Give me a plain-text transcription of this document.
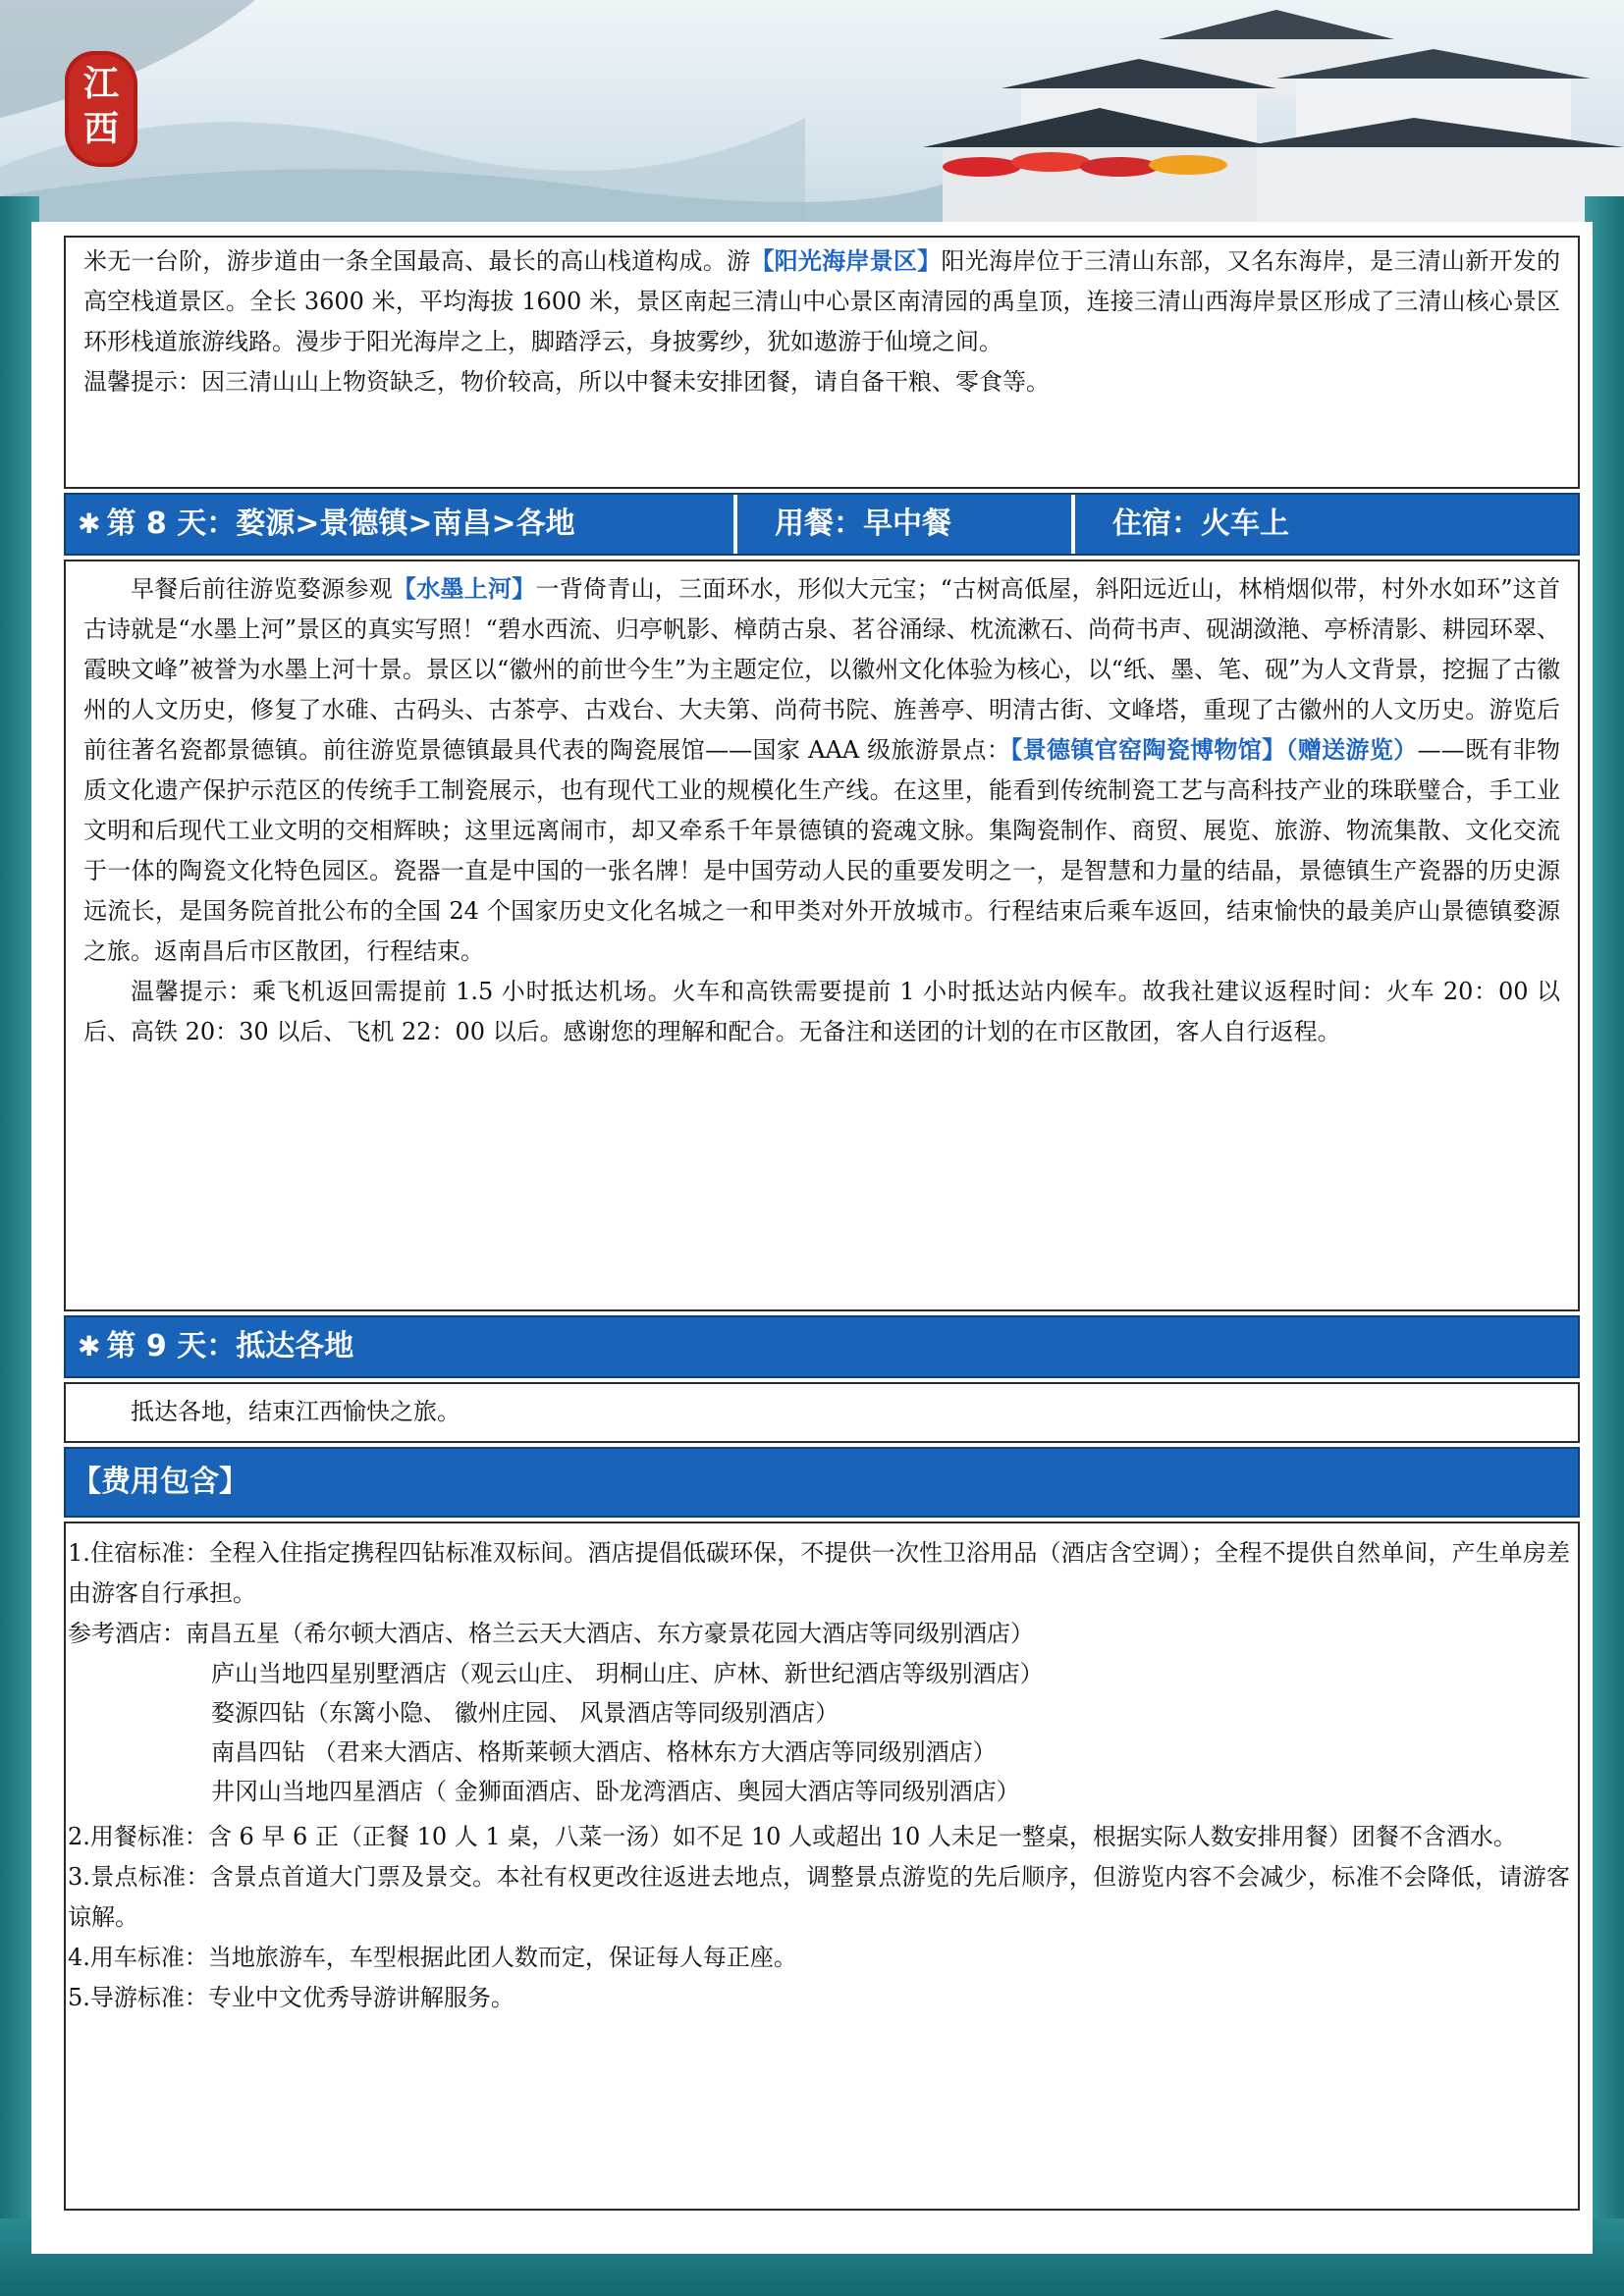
江
西

米无一台阶，游步道由一条全国最高、最长的高山栈道构成。游【阳光海岸景区】阳光海岸位于三清山东部，又名东海岸，是三清山新开发的高空栈道景区。全长 3600 米，平均海拔 1600 米，景区南起三清山中心景区南清园的禹皇顶，连接三清山西海岸景区形成了三清山核心景区环形栈道旅游线路。漫步于阳光海岸之上，脚踏浮云，身披雾纱，犹如遨游于仙境之间。

温馨提示：因三清山山上物资缺乏，物价较高，所以中餐未安排团餐，请自备干粮、零食等。

✱ 第 8 天：婺源>景德镇>南昌>各地	用餐：早中餐	住宿：火车上

早餐后前往游览婺源参观【水墨上河】一背倚青山，三面环水，形似大元宝；“古树高低屋，斜阳远近山，林梢烟似带，村外水如环”这首古诗就是“水墨上河”景区的真实写照！“碧水西流、归亭帆影、樟荫古泉、茗谷涌绿、枕流漱石、尚荷书声、砚湖潋滟、亭桥清影、耕园环翠、霞映文峰”被誉为水墨上河十景。景区以“徽州的前世今生”为主题定位，以徽州文化体验为核心，以“纸、墨、笔、砚”为人文背景，挖掘了古徽州的人文历史，修复了水碓、古码头、古茶亭、古戏台、大夫第、尚荷书院、旌善亭、明清古街、文峰塔，重现了古徽州的人文历史。游览后前往著名瓷都景德镇。前往游览景德镇最具代表的陶瓷展馆——国家 AAA 级旅游景点：【景德镇官窑陶瓷博物馆】（赠送游览）——既有非物质文化遗产保护示范区的传统手工制瓷展示，也有现代工业的规模化生产线。在这里，能看到传统制瓷工艺与高科技产业的珠联璧合，手工业文明和后现代工业文明的交相辉映；这里远离闹市，却又牵系千年景德镇的瓷魂文脉。集陶瓷制作、商贸、展览、旅游、物流集散、文化交流于一体的陶瓷文化特色园区。瓷器一直是中国的一张名牌！是中国劳动人民的重要发明之一，是智慧和力量的结晶，景德镇生产瓷器的历史源远流长，是国务院首批公布的全国 24 个国家历史文化名城之一和甲类对外开放城市。行程结束后乘车返回，结束愉快的最美庐山景德镇婺源之旅。返南昌后市区散团，行程结束。

温馨提示：乘飞机返回需提前 1.5 小时抵达机场。火车和高铁需要提前 1 小时抵达站内候车。故我社建议返程时间：火车 20：00 以后、高铁 20：30 以后、飞机 22：00 以后。感谢您的理解和配合。无备注和送团的计划的在市区散团，客人自行返程。

✱ 第 9 天：抵达各地

抵达各地，结束江西愉快之旅。

【费用包含】

1.住宿标准：全程入住指定携程四钻标准双标间。酒店提倡低碳环保，不提供一次性卫浴用品（酒店含空调）；全程不提供自然单间，产生单房差由游客自行承担。

参考酒店：南昌五星（希尔顿大酒店、格兰云天大酒店、东方豪景花园大酒店等同级别酒店）

庐山当地四星别墅酒店（观云山庄、 玥桐山庄、庐林、新世纪酒店等级别酒店）

婺源四钻（东篱小隐、 徽州庄园、 风景酒店等同级别酒店）

南昌四钻 （君来大酒店、格斯莱顿大酒店、格林东方大酒店等同级别酒店）

井冈山当地四星酒店（ 金狮面酒店、卧龙湾酒店、奥园大酒店等同级别酒店）

2.用餐标准：含 6 早 6 正（正餐 10 人 1 桌，八菜一汤）如不足 10 人或超出 10 人未足一整桌，根据实际人数安排用餐）团餐不含酒水。

3.景点标准：含景点首道大门票及景交。本社有权更改往返进去地点，调整景点游览的先后顺序，但游览内容不会减少，标准不会降低，请游客谅解。

4.用车标准：当地旅游车，车型根据此团人数而定，保证每人每正座。

5.导游标准：专业中文优秀导游讲解服务。
